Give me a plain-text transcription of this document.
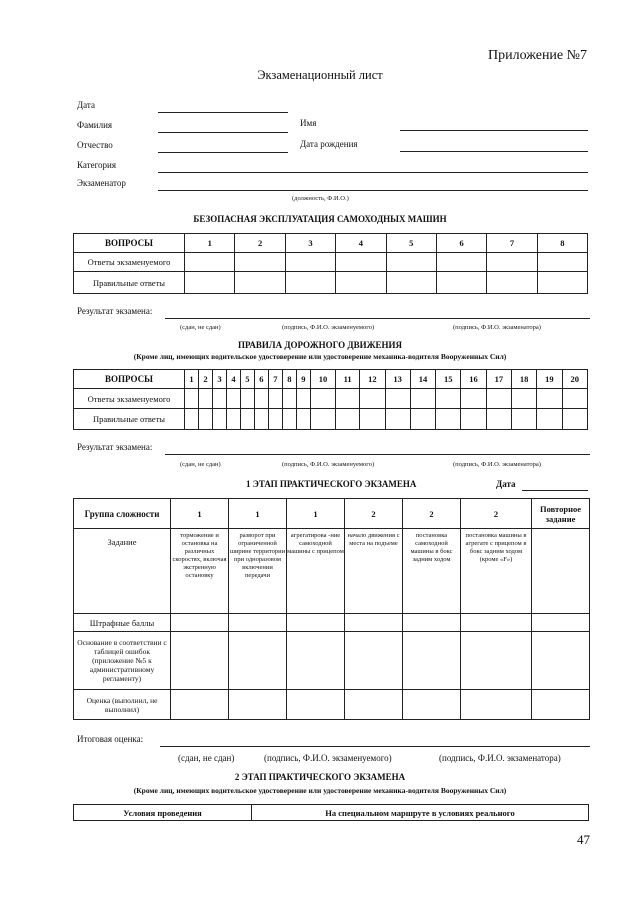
Приложение №7
Экзаменационный лист
Дата
Фамилия	Имя
Отчество	Дата рождения
Категория
Экзаменатор
(должность, Ф.И.О.)
БЕЗОПАСНАЯ ЭКСПЛУАТАЦИЯ САМОХОДНЫХ МАШИН
ВОПРОСЫ	1	2	3	4	5	6	7	8
Ответы экзаменуемого								
Правильные ответы								
Результат экзамена:
(сдан, не сдан)	(подпись, Ф.И.О. экзаменуемого)	(подпись, Ф.И.О. экзаменатора)
ПРАВИЛА ДОРОЖНОГО ДВИЖЕНИЯ
(Кроме лиц, имеющих водительское удостоверение или удостоверение механика-водителя Вооруженных Сил)
ВОПРОСЫ	1	2	3	4	5	6	7	8	9	10	11	12	13	14	15	16	17	18	19	20
Ответы экзаменуемого																				
Правильные ответы																				
Результат экзамена:
(сдан, не сдан)	(подпись, Ф.И.О. экзаменуемого)	(подпись, Ф.И.О. экзаменатора)
1 ЭТАП ПРАКТИЧЕСКОГО ЭКЗАМЕНА	Дата
Группа сложности	1	1	1	2	2	2	Повторное задание
Задание	торможение и остановка на различных скоростях, включая экстренную остановку	разворот при ограниченной ширине территории при одноразовом включении передачи	агрегатирова -ние самоходной машины с прицепом	начало движения с места на подъеме	постановка самоходной машины в бокс задним ходом	постановка машины в агрегате с прицепом в бокс задним ходом (кроме «F»)	
Штрафные баллы							
Основание в соответствии с таблицей ошибок (приложение №5 к административному регламенту)							
Оценка (выполнил, не выполнил)							
Итоговая оценка:
(сдан, не сдан)	(подпись, Ф.И.О. экзаменуемого)	(подпись, Ф.И.О. экзаменатора)
2 ЭТАП ПРАКТИЧЕСКОГО ЭКЗАМЕНА
(Кроме лиц, имеющих водительское удостоверение или удостоверение механика-водителя Вооруженных Сил)
Условия проведения	На специальном маршруте в условиях реального
47
